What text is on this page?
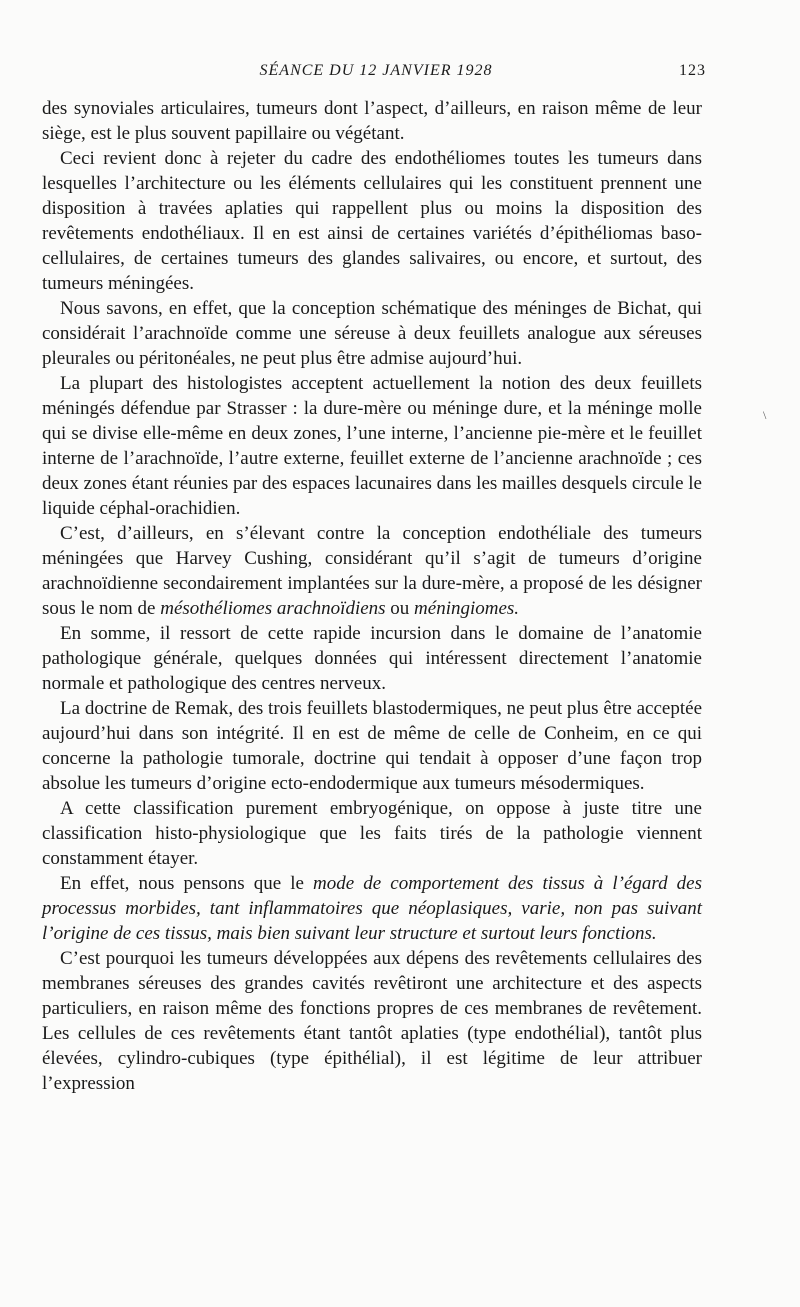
SÉANCE DU 12 JANVIER 1928	123

des synoviales articulaires, tumeurs dont l’aspect, d’ailleurs, en raison même de leur siège, est le plus souvent papillaire ou végétant.

Ceci revient donc à rejeter du cadre des endothéliomes toutes les tumeurs dans lesquelles l’architecture ou les éléments cellulaires qui les constituent prennent une disposition à travées aplaties qui rappellent plus ou moins la disposition des revêtements endothéliaux. Il en est ainsi de certaines variétés d’épithéliomas baso-cellulaires, de certaines tumeurs des glandes salivaires, ou encore, et surtout, des tumeurs méningées.

Nous savons, en effet, que la conception schématique des méninges de Bichat, qui considérait l’arachnoïde comme une séreuse à deux feuillets analogue aux séreuses pleurales ou péritonéales, ne peut plus être admise aujourd’hui.

La plupart des histologistes acceptent actuellement la notion des deux feuillets méningés défendue par Strasser : la dure-mère ou méninge dure, et la méninge molle qui se divise elle-même en deux zones, l’une interne, l’ancienne pie-mère et le feuillet interne de l’arachnoïde, l’autre externe, feuillet externe de l’ancienne arachnoïde ; ces deux zones étant réunies par des espaces lacunaires dans les mailles desquels circule le liquide céphal-orachidien.

C’est, d’ailleurs, en s’élevant contre la conception endothéliale des tumeurs méningées que Harvey Cushing, considérant qu’il s’agit de tumeurs d’origine arachnoïdienne secondairement implantées sur la dure-mère, a proposé de les désigner sous le nom de mésothéliomes arachnoïdiens ou méningiomes.

En somme, il ressort de cette rapide incursion dans le domaine de l’anatomie pathologique générale, quelques données qui intéressent directement l’anatomie normale et pathologique des centres nerveux.

La doctrine de Remak, des trois feuillets blastodermiques, ne peut plus être acceptée aujourd’hui dans son intégrité. Il en est de même de celle de Conheim, en ce qui concerne la pathologie tumorale, doctrine qui tendait à opposer d’une façon trop absolue les tumeurs d’origine ecto-endodermique aux tumeurs mésodermiques.

A cette classification purement embryogénique, on oppose à juste titre une classification histo-physiologique que les faits tirés de la pathologie viennent constamment étayer.

En effet, nous pensons que le mode de comportement des tissus à l’égard des processus morbides, tant inflammatoires que néoplasiques, varie, non pas suivant l’origine de ces tissus, mais bien suivant leur structure et surtout leurs fonctions.

C’est pourquoi les tumeurs développées aux dépens des revêtements cellulaires des membranes séreuses des grandes cavités revêtiront une architecture et des aspects particuliers, en raison même des fonctions propres de ces membranes de revêtement. Les cellules de ces revêtements étant tantôt aplaties (type endothélial), tantôt plus élevées, cylindro-cubiques (type épithélial), il est légitime de leur attribuer l’expression

\
